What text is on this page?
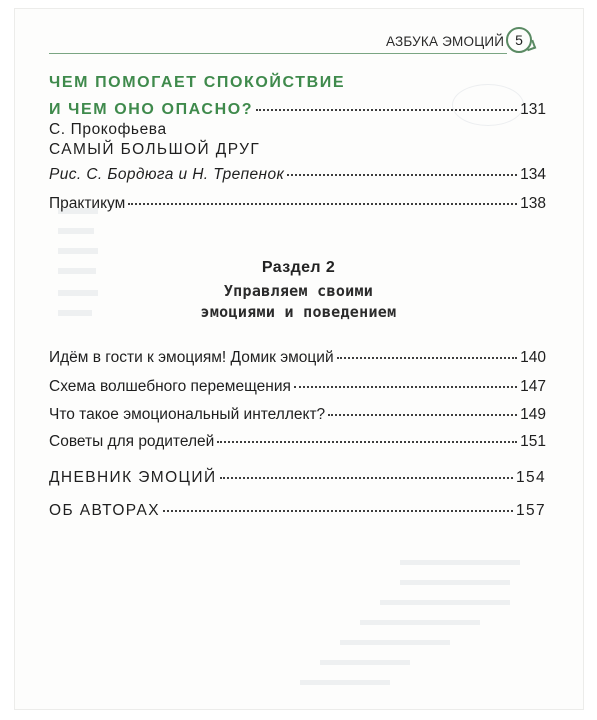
АЗБУКА ЭМОЦИЙ 5
ЧЕМ ПОМОГАЕТ СПОКОЙСТВИЕ
И ЧЕМ ОНО ОПАСНО?	131
С. Прокофьева
САМЫЙ БОЛЬШОЙ ДРУГ
Рис. С. Бордюга и Н. Трепенок	134
Практикум	138
Раздел 2
Управляем своими
эмоциями и поведением
Идём в гости к эмоциям! Домик эмоций	140
Схема волшебного перемещения	147
Что такое эмоциональный интеллект?	149
Советы для родителей	151
ДНЕВНИК ЭМОЦИЙ	154
ОБ АВТОРАХ	157
